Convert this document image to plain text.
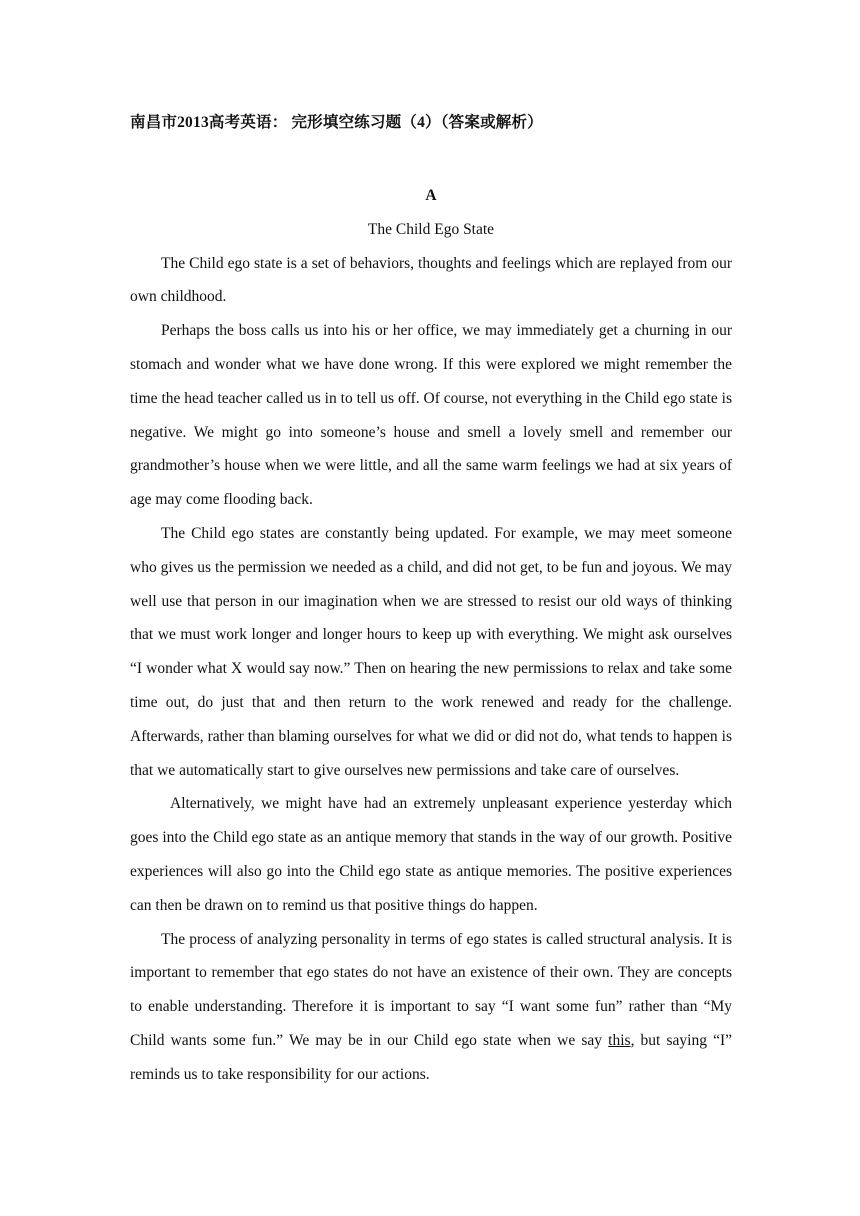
南昌市2013高考英语： 完形填空练习题（4）（答案或解析）

A

The Child Ego State

The Child ego state is a set of behaviors, thoughts and feelings which are replayed from our own childhood.

Perhaps the boss calls us into his or her office, we may immediately get a churning in our stomach and wonder what we have done wrong. If this were explored we might remember the time the head teacher called us in to tell us off. Of course, not everything in the Child ego state is negative. We might go into someone’s house and smell a lovely smell and remember our grandmother’s house when we were little, and all the same warm feelings we had at six years of age may come flooding back.

The Child ego states are constantly being updated. For example, we may meet someone who gives us the permission we needed as a child, and did not get, to be fun and joyous. We may well use that person in our imagination when we are stressed to resist our old ways of thinking that we must work longer and longer hours to keep up with everything. We might ask ourselves “I wonder what X would say now.” Then on hearing the new permissions to relax and take some time out, do just that and then return to the work renewed and ready for the challenge. Afterwards, rather than blaming ourselves for what we did or did not do, what tends to happen is that we automatically start to give ourselves new permissions and take care of ourselves.

Alternatively, we might have had an extremely unpleasant experience yesterday which goes into the Child ego state as an antique memory that stands in the way of our growth. Positive experiences will also go into the Child ego state as antique memories. The positive experiences can then be drawn on to remind us that positive things do happen.

The process of analyzing personality in terms of ego states is called structural analysis. It is important to remember that ego states do not have an existence of their own. They are concepts to enable understanding. Therefore it is important to say “I want some fun” rather than “My Child wants some fun.” We may be in our Child ego state when we say this, but saying “I” reminds us to take responsibility for our actions.
